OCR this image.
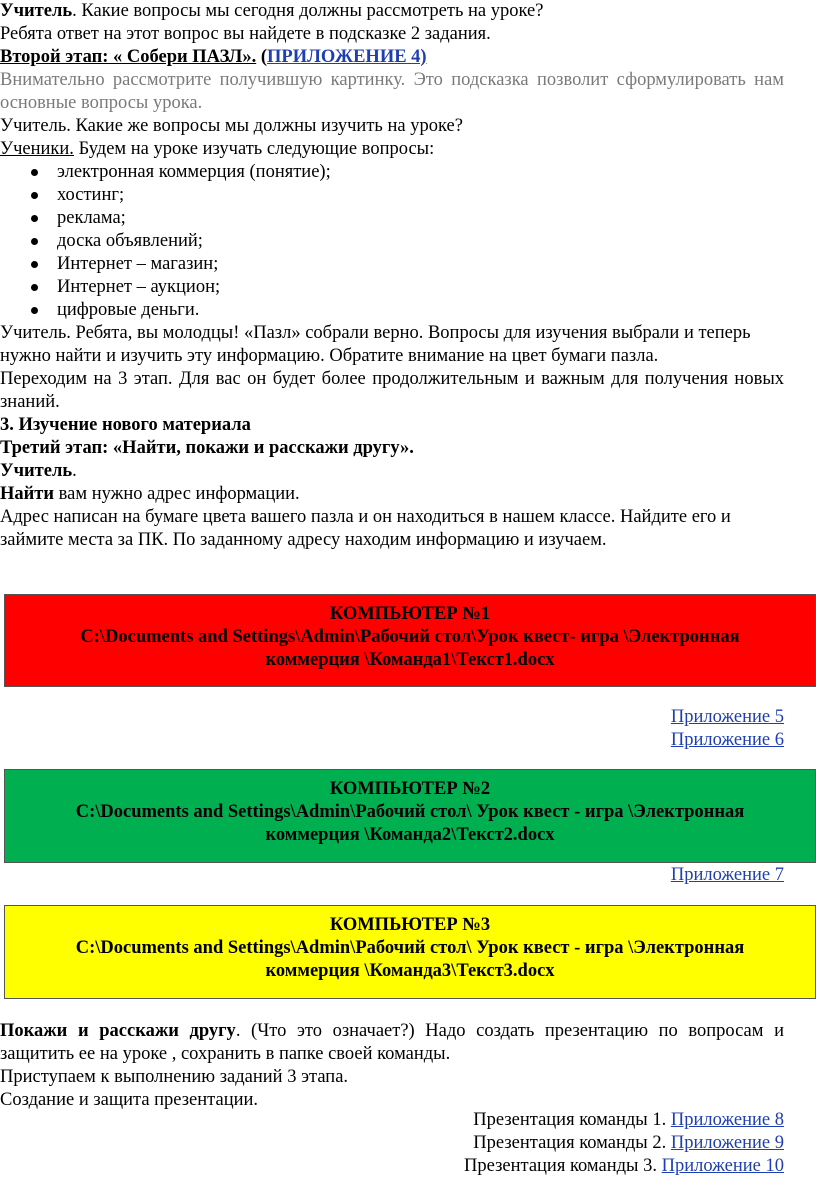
Учитель. Какие вопросы мы сегодня должны рассмотреть на уроке?

Ребята ответ на этот вопрос вы найдете в подсказке 2 задания.

Второй этап: « Собери ПАЗЛ». (ПРИЛОЖЕНИЕ 4)

Внимательно рассмотрите получившую картинку. Это подсказка позволит сформулировать нам основные вопросы урока.

Учитель. Какие же вопросы мы должны изучить на уроке?

Ученики. Будем на уроке изучать следующие вопросы:

электронная коммерция (понятие);
хостинг;
реклама;
доска объявлений;
Интернет – магазин;
Интернет – аукцион;
цифровые деньги.

Учитель. Ребята, вы молодцы! «Пазл» собрали верно. Вопросы для изучения выбрали и теперь нужно найти и изучить эту информацию. Обратите внимание на цвет бумаги пазла.

Переходим на 3 этап. Для вас он будет более продолжительным и важным для получения новых знаний.

3. Изучение нового материала

Третий этап: «Найти, покажи и расскажи другу».

Учитель.

Найти вам нужно адрес информации.

Адрес написан на бумаге цвета вашего пазла и он находиться в нашем классе. Найдите его и займите места за ПК. По заданному адресу находим информацию и изучаем.

КОМПЬЮТЕР №1
C:\Documents and Settings\Admin\Рабочий стол\Урок квест- игра \Электронная
коммерция \Команда1\Текст1.docx

Приложение 5

Приложение 6

КОМПЬЮТЕР №2
C:\Documents and Settings\Admin\Рабочий стол\ Урок квест - игра \Электронная
коммерция \Команда2\Текст2.docx

Приложение 7

КОМПЬЮТЕР №3
C:\Documents and Settings\Admin\Рабочий стол\ Урок квест - игра \Электронная
коммерция \Команда3\Текст3.docx

Покажи и расскажи другу. (Что это означает?) Надо создать презентацию по вопросам и защитить ее на уроке , сохранить в папке своей команды.

Приступаем к выполнению заданий 3 этапа.

Создание и защита презентации.

Презентация команды 1. Приложение 8

Презентация команды 2. Приложение 9

Презентация команды 3. Приложение 10
